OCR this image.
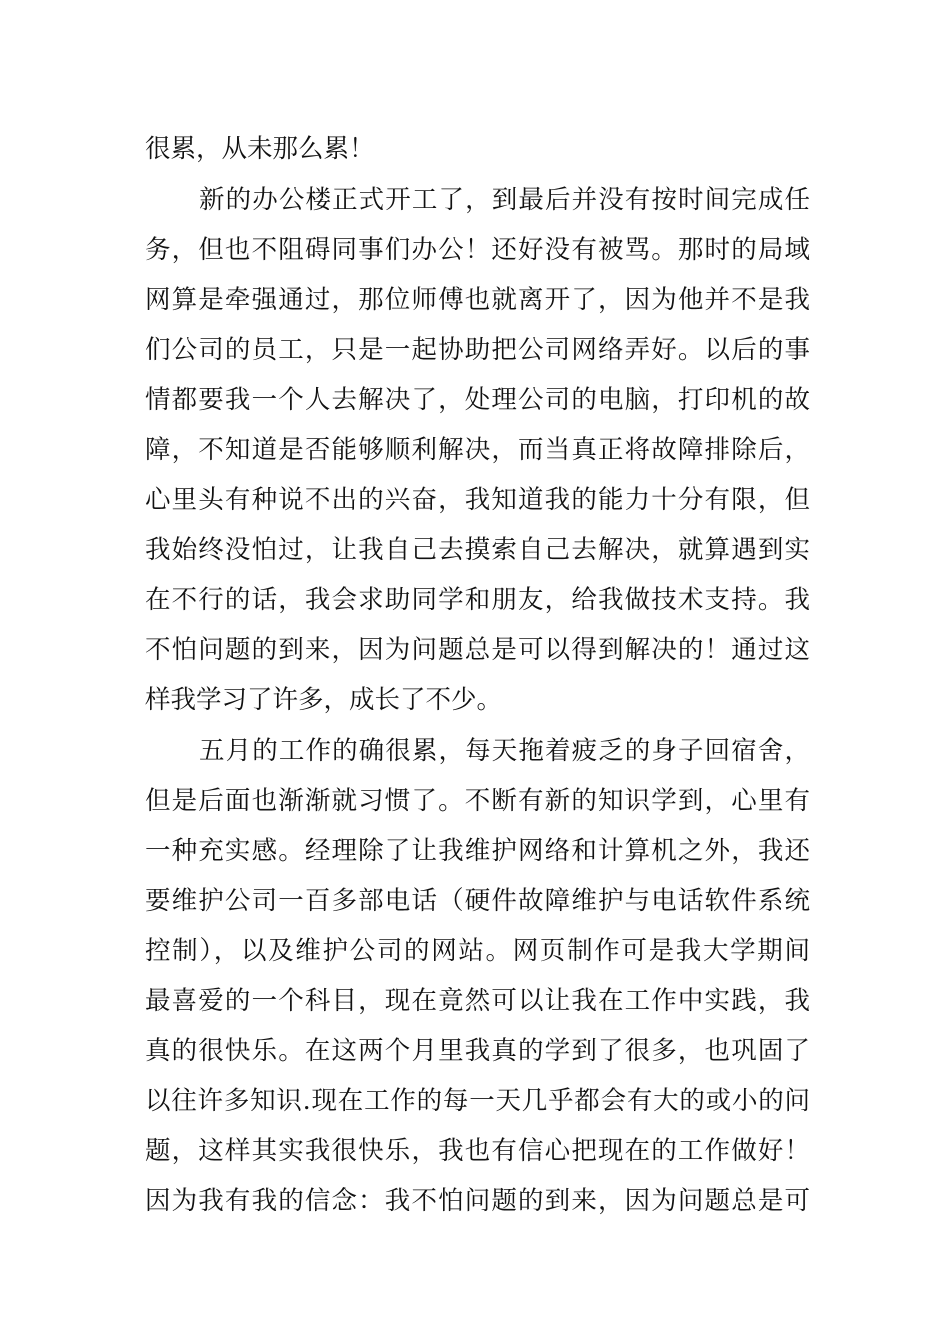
很累，从未那么累！
新的办公楼正式开工了，到最后并没有按时间完成任
务，但也不阻碍同事们办公！还好没有被骂。那时的局域
网算是牵强通过，那位师傅也就离开了，因为他并不是我
们公司的员工，只是一起协助把公司网络弄好。以后的事
情都要我一个人去解决了，处理公司的电脑，打印机的故
障，不知道是否能够顺利解决，而当真正将故障排除后，
心里头有种说不出的兴奋，我知道我的能力十分有限，但
我始终没怕过，让我自己去摸索自己去解决，就算遇到实
在不行的话，我会求助同学和朋友，给我做技术支持。我
不怕问题的到来，因为问题总是可以得到解决的！通过这
样我学习了许多，成长了不少。
五月的工作的确很累，每天拖着疲乏的身子回宿舍，
但是后面也渐渐就习惯了。不断有新的知识学到，心里有
一种充实感。经理除了让我维护网络和计算机之外，我还
要维护公司一百多部电话（硬件故障维护与电话软件系统
控制），以及维护公司的网站。网页制作可是我大学期间
最喜爱的一个科目，现在竟然可以让我在工作中实践，我
真的很快乐。在这两个月里我真的学到了很多，也巩固了
以往许多知识.现在工作的每一天几乎都会有大的或小的问
题，这样其实我很快乐，我也有信心把现在的工作做好！
因为我有我的信念：我不怕问题的到来，因为问题总是可
